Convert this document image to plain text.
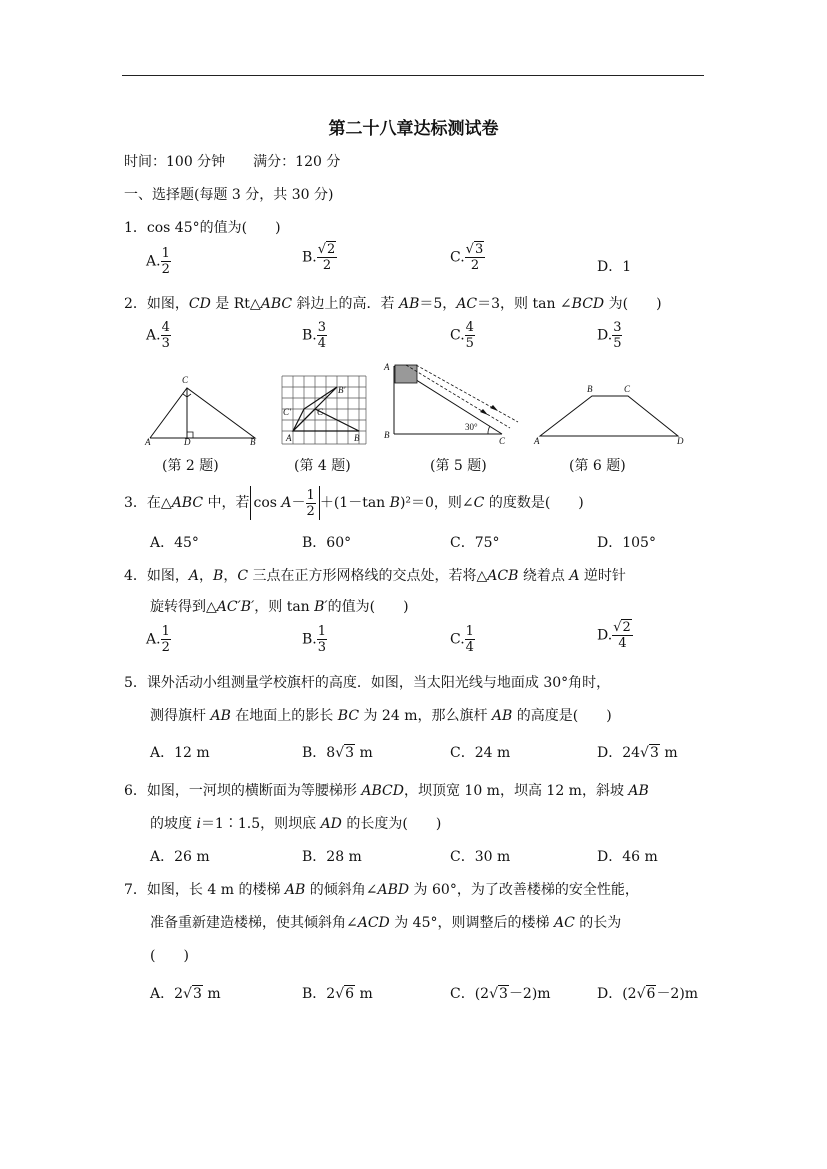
第二十八章达标测试卷
时间：100 分钟　　 满分：120 分
一、选择题(每题 3 分，共 30 分)
1．cos 45°的值为(　　)
A. $\frac{1}{2}$	B. $\frac{√2}{2}$	C. $\frac{√3}{2}$	D．1
2．如图，CD 是 Rt△ABC 斜边上的高．若 AB＝5，AC＝3，则 tan ∠BCD 为(　　)
A. $\frac{4}{3}$	B. $\frac{3}{4}$	C. $\frac{4}{5}$	D. $\frac{3}{5}$
C
A	D	B	A	B
C
C′
B′
A
B
C
30°
A
B	C
D
(第 2 题)	(第 4 题)	(第 5 题)	(第 6 题)
3．在△ABC 中，若 $\cos A- \frac{1}{2} +(1-\tan$ B)²＝0，则∠C 的度数是(　　)
A．45°	B．60°	C．75°	D．105°
4．如图，A，B，C 三点在正方形网格线的交点处，若将△ACB 绕着点 A 逆时针
旋转得到△AC′B′，则 tan B′的值为(　　)
A. $\frac{1}{2}$	B. $\frac{1}{3}$	C. $\frac{1}{4}$	D. $\frac{√2}{4}$
5．课外活动小组测量学校旗杆的高度．如图，当太阳光线与地面成 30°角时，
测得旗杆 AB 在地面上的影长 BC 为 24 m，那么旗杆 AB 的高度是(　　)
A．12 m	B．8√3 m	C．24 m	D．24√3 m
6．如图，一河坝的横断面为等腰梯形 ABCD，坝顶宽 10 m，坝高 12 m，斜坡 AB
的坡度 i＝1∶1.5，则坝底 AD 的长度为(　　)
A．26 m	B．28 m	C．30 m	D．46 m
7．如图，长 4 m 的楼梯 AB 的倾斜角∠ABD 为 60°，为了改善楼梯的安全性能，
准备重新建造楼梯，使其倾斜角∠ACD 为 45°，则调整后的楼梯 AC 的长为
(　　)
A．2√3 m	B．2√6 m	C．(2√3－2)m	D．(2√6－2)m
